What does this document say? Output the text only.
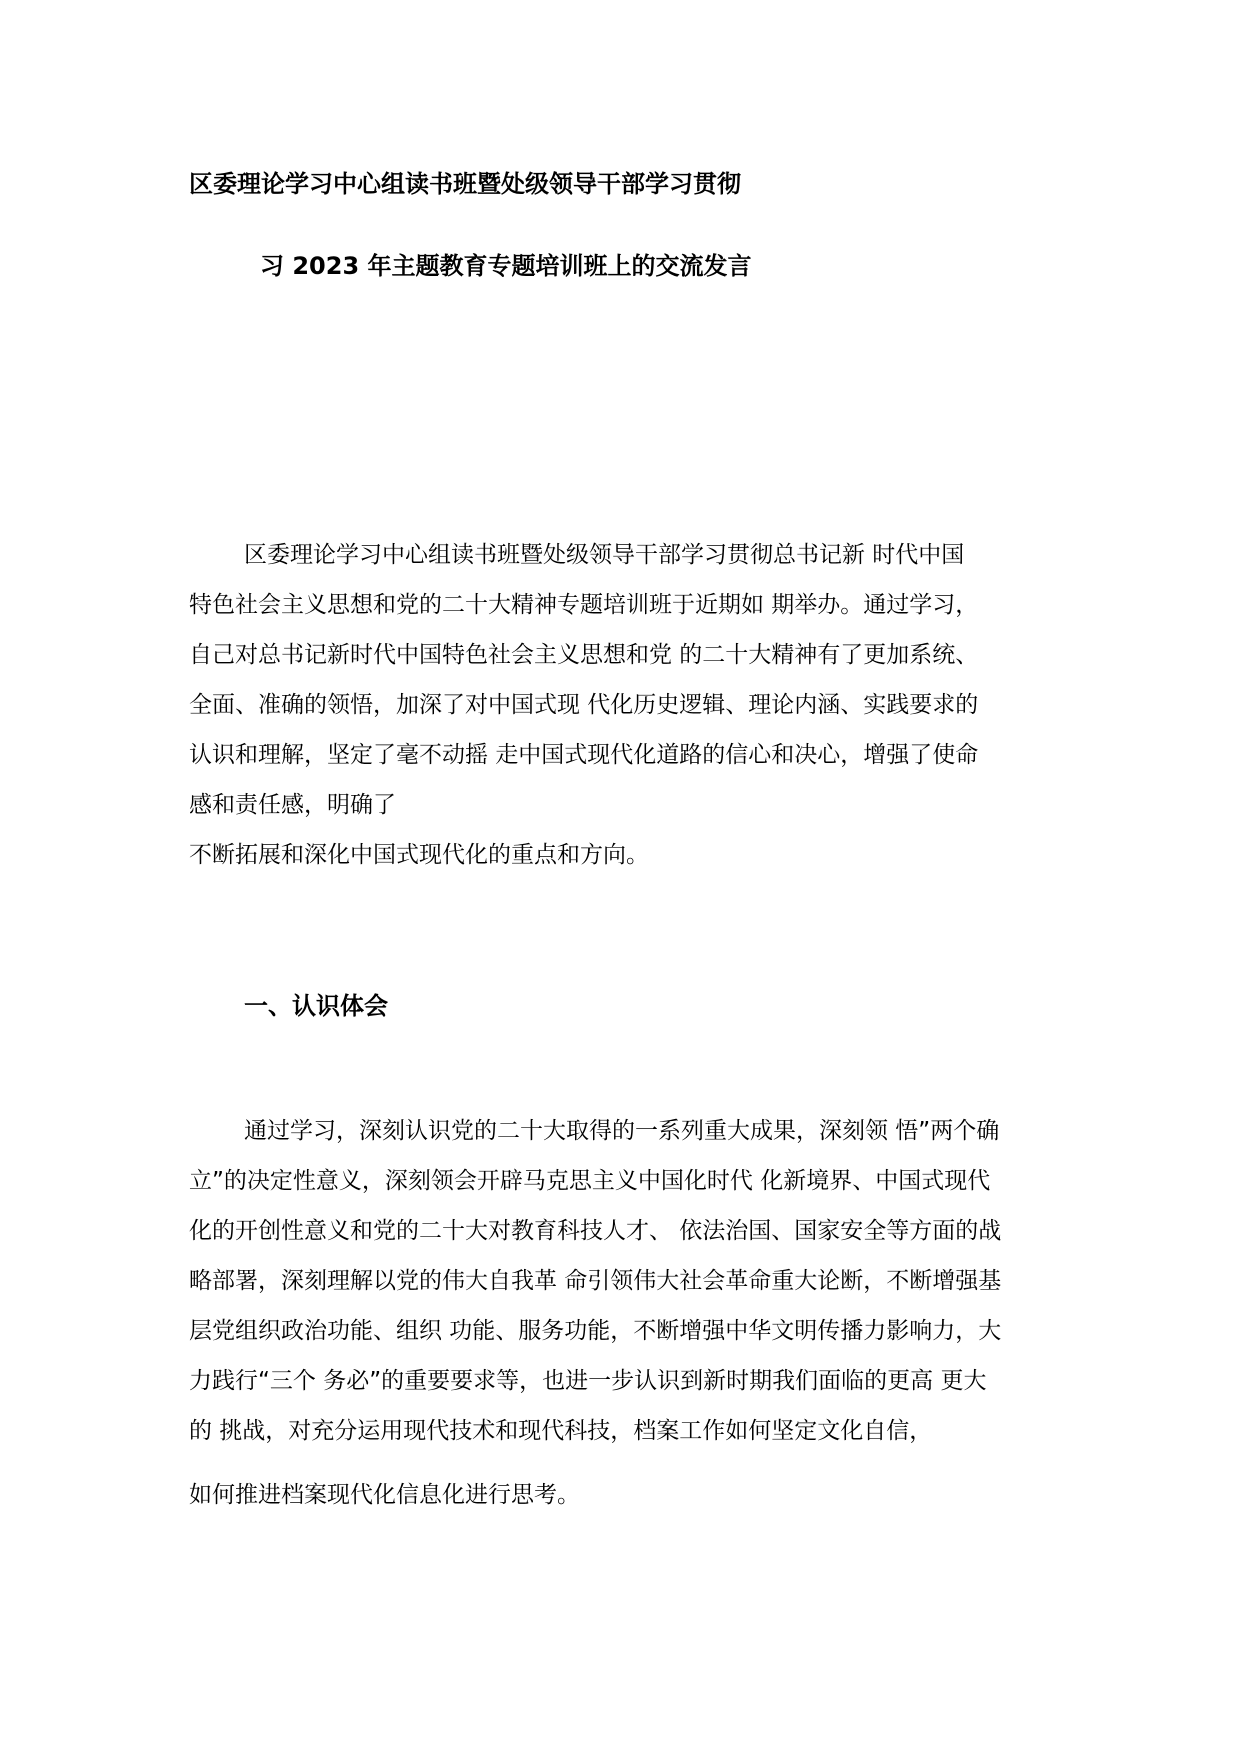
区委理论学习中心组读书班暨处级领导干部学习贯彻
习 2023 年主题教育专题培训班上的交流发言
区委理论学习中心组读书班暨处级领导干部学习贯彻总书记新 时代中国
特色社会主义思想和党的二十大精神专题培训班于近期如 期举办。通过学习，
自己对总书记新时代中国特色社会主义思想和党 的二十大精神有了更加系统、
全面、准确的领悟，加深了对中国式现 代化历史逻辑、理论内涵、实践要求的
认识和理解，坚定了毫不动摇 走中国式现代化道路的信心和决心，增强了使命
感和责任感，明确了
不断拓展和深化中国式现代化的重点和方向。
一、认识体会
通过学习，深刻认识党的二十大取得的一系列重大成果，深刻领 悟”两个确
立”的决定性意义，深刻领会开辟马克思主义中国化时代 化新境界、中国式现代
化的开创性意义和党的二十大对教育科技人才、 依法治国、国家安全等方面的战
略部署，深刻理解以党的伟大自我革 命引领伟大社会革命重大论断，不断增强基
层党组织政治功能、组织 功能、服务功能，不断增强中华文明传播力影响力，大
力践行“三个 务必”的重要要求等，也进一步认识到新时期我们面临的更高 更大
的 挑战，对充分运用现代技术和现代科技，档案工作如何坚定文化自信，
如何推进档案现代化信息化进行思考。
